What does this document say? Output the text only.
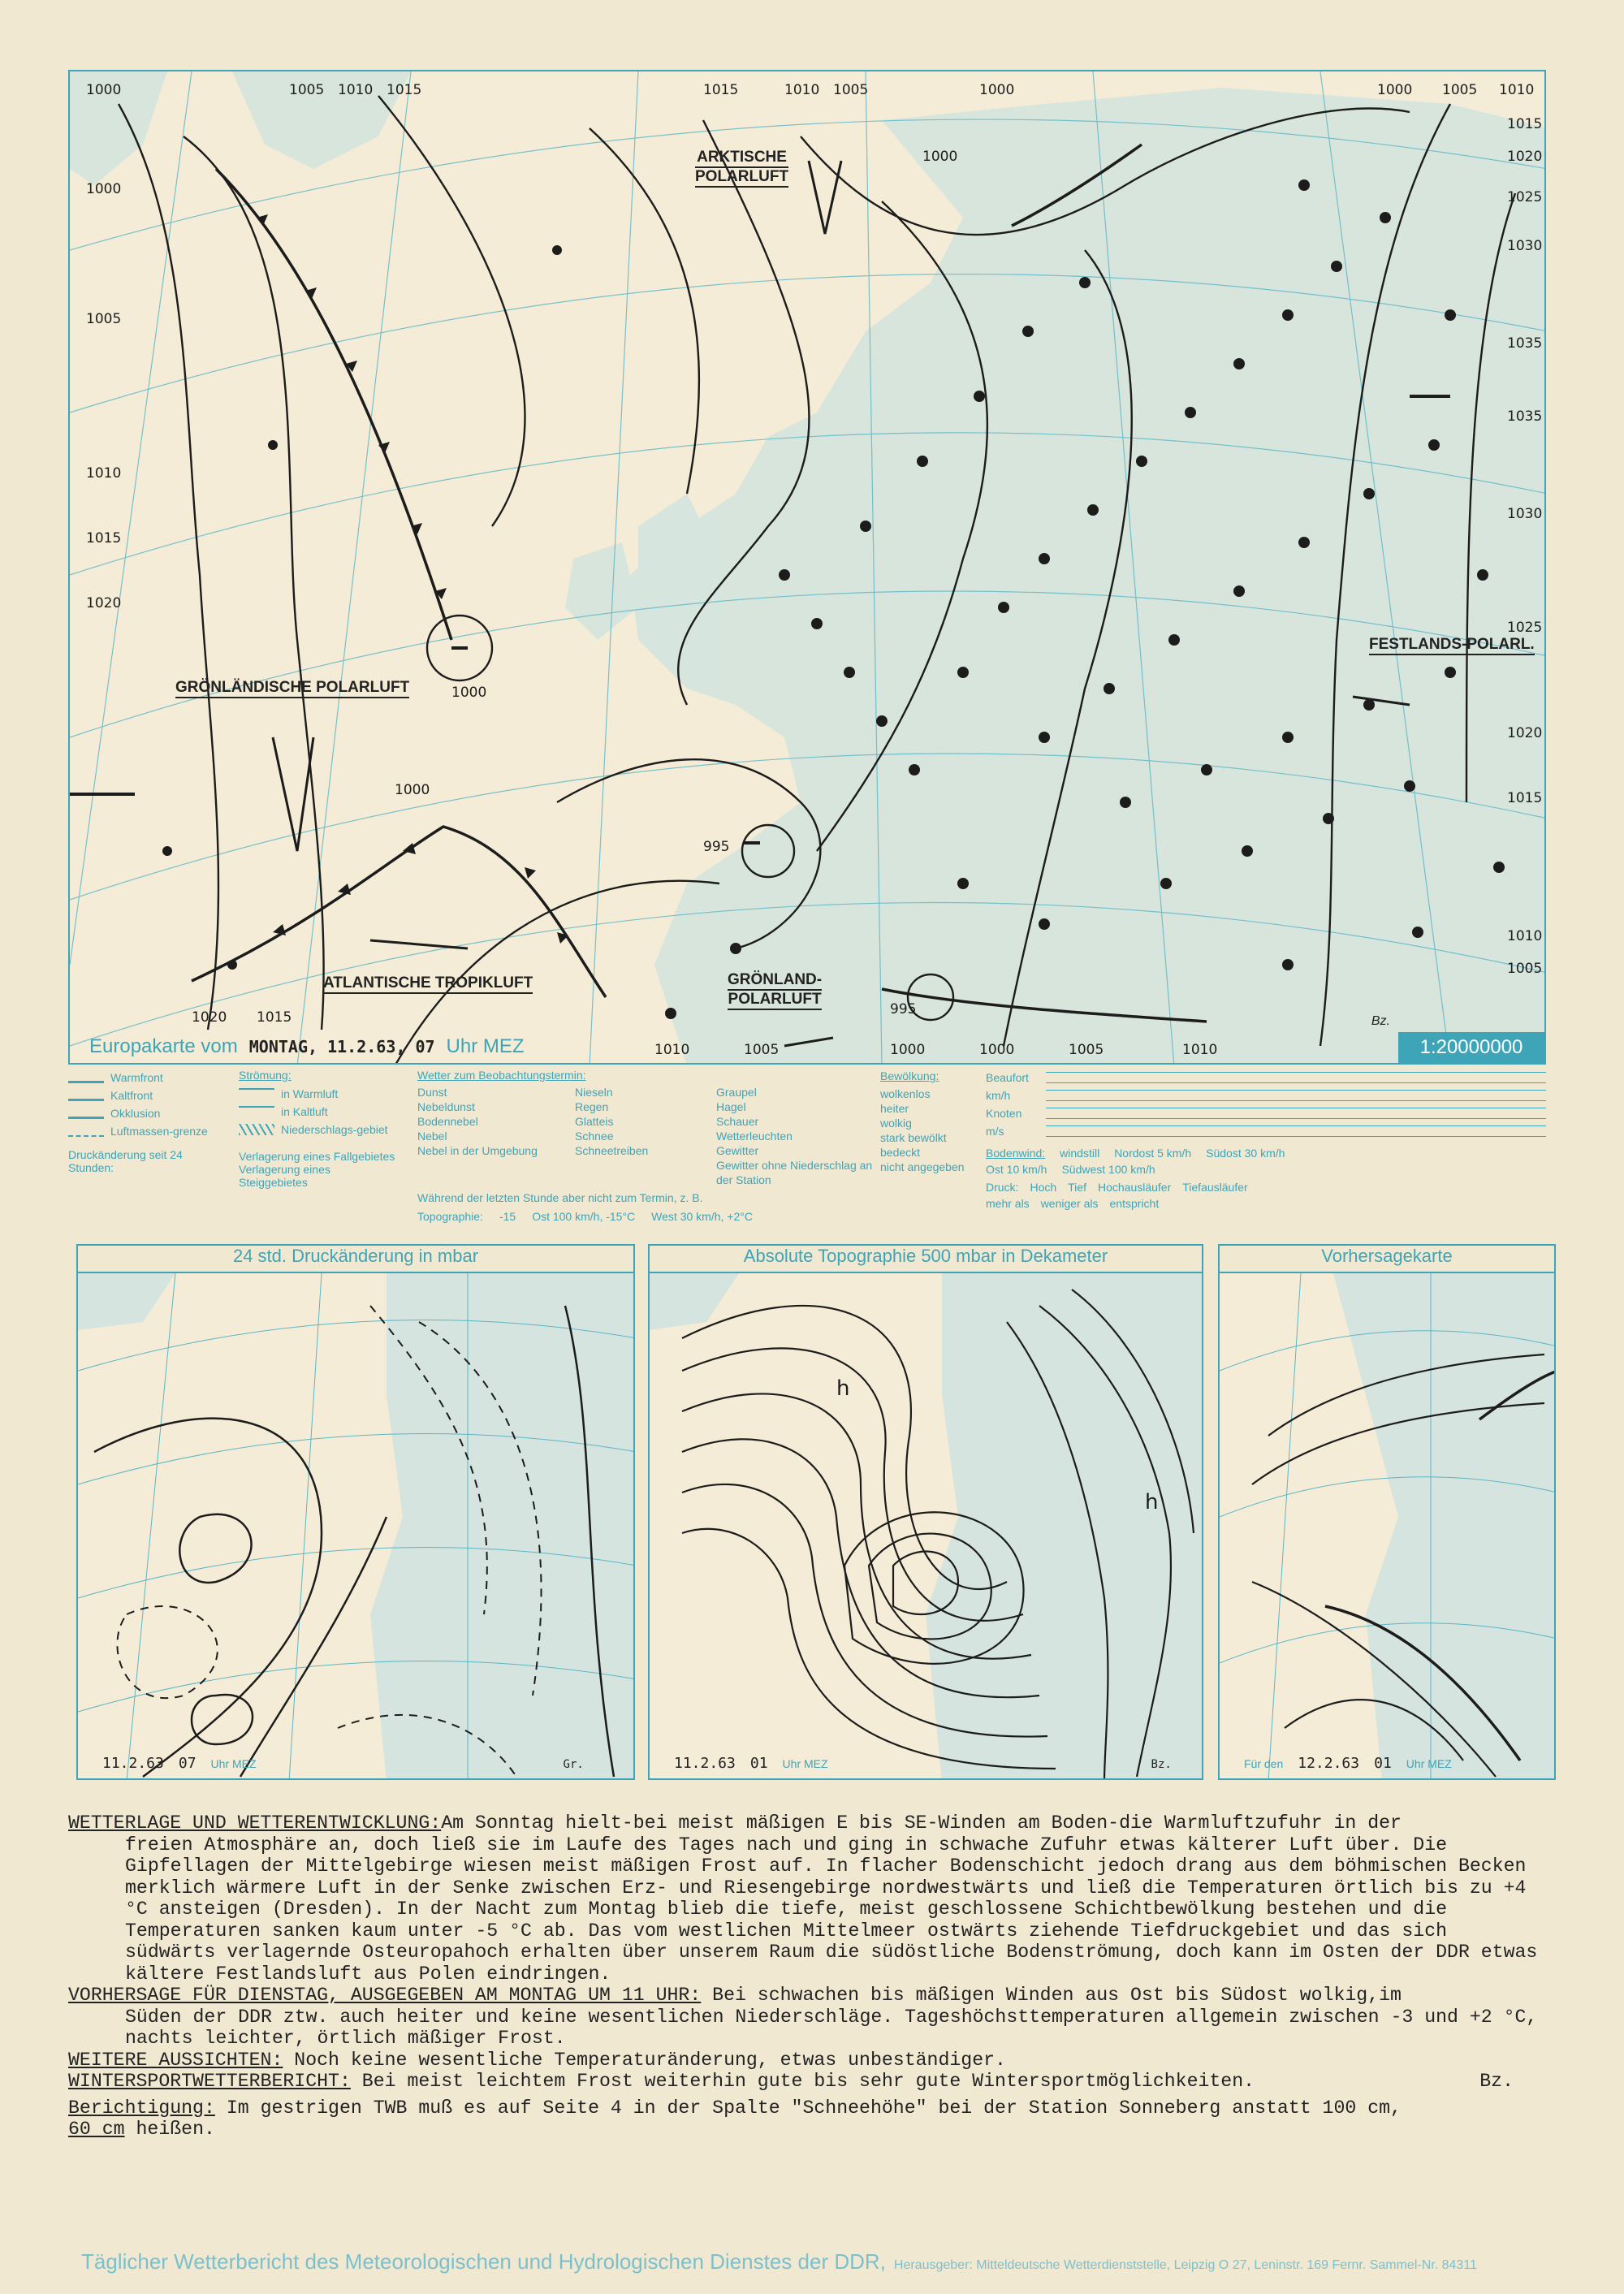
1000	1005 1010 1015	1015	1010 1005	1000	1000 1005 1010
1015
1020
1025
1030
1035
1035
1030
1025
1020
1015
1010
1005
1000
1005
1010
1015
1020
1000
1000
995
995
1000
1000	1005	1010
1015
1020
1000
1005
1010
ARKTISCHE
POLARLUFT
GRÖNLÄNDISCHE POLARLUFT
ATLANTISCHE TROPIKLUFT	GRÖNLAND-
POLARLUFT
FESTLANDS-POLARL.
Bz.
Europakarte vom MONTAG, 11.2.63, 07 Uhr MEZ	1:20000000
Warmfront
Kaltfront
Okklusion
Luftmassen-grenze
Druckänderung seit 24 Stunden:
Strömung:
in Warmluft
in Kaltluft
Niederschlags-gebiet
Verlagerung eines Fallgebietes
Verlagerung eines Steiggebietes
Wetter zum Beobachtungstermin:
Dunst
Nebeldunst
Bodennebel
Nebel
Nebel in der Umgebung
Nieseln
Regen
Glatteis
Schnee
Schneetreiben
Graupel
Hagel
Schauer
Wetterleuchten
Gewitter
Gewitter ohne Niederschlag an der Station
Während der letzten Stunde aber nicht zum Termin, z. B.
Topographie: -15 Ost 100 km/h, -15°C West 30 km/h, +2°C
Bewölkung:
wolkenlos
heiter
wolkig
stark bewölkt
bedeckt
nicht angegeben
Beaufort
km/h
Knoten
m/s
Bodenwind: windstill Nordost 5 km/h Südost 30 km/h
Ost 10 km/h Südwest 100 km/h
Druck: Hoch Tief Hochausläufer Tiefausläufer
mehr als weniger als entspricht
24 std. Druckänderung in mbar
11.2.63 07 Uhr MEZ	Gr.
Absolute Topographie 500 mbar in Dekameter
h
h
11.2.63 01 Uhr MEZ	Bz.
Vorhersagekarte
Für den 12.2.63 01 Uhr MEZ

WETTERLAGE UND WETTERENTWICKLUNG:Am Sonntag hielt-bei meist mäßigen E bis SE-Winden am Boden-die Warmluftzufuhr in der
freien Atmosphäre an, doch ließ sie im Laufe des Tages nach und ging in schwache Zufuhr etwas kälterer Luft über. Die Gipfellagen der Mittelgebirge wiesen meist mäßigen Frost auf. In flacher Bodenschicht jedoch drang aus dem böhmischen Becken merklich wärmere Luft in der Senke zwischen Erz- und Riesengebirge nordwestwärts und ließ die Temperaturen örtlich bis zu +4 °C ansteigen (Dresden). In der Nacht zum Montag blieb die tiefe, meist geschlossene Schichtbewölkung bestehen und die Temperaturen sanken kaum unter -5 °C ab. Das vom westlichen Mittelmeer ostwärts ziehende Tiefdruckgebiet und das sich südwärts verlagernde Osteuropahoch erhalten über unserem Raum die südöstliche Bodenströmung, doch kann im Osten der DDR etwas kältere Festlandsluft aus Polen eindringen.

VORHERSAGE FÜR DIENSTAG, AUSGEGEBEN AM MONTAG UM 11 UHR: Bei schwachen bis mäßigen Winden aus Ost bis Südost wolkig,im
Süden der DDR ztw. auch heiter und keine wesentlichen Niederschläge. Tageshöchsttemperaturen allgemein zwischen -3 und +2 °C, nachts leichter, örtlich mäßiger Frost.

WEITERE AUSSICHTEN: Noch keine wesentliche Temperaturänderung, etwas unbeständiger.

WINTERSPORTWETTERBERICHT: Bei meist leichtem Frost weiterhin gute bis sehr gute Wintersportmöglichkeiten.	Bz.

Berichtigung: Im gestrigen TWB muß es auf Seite 4 in der Spalte "Schneehöhe" bei der Station Sonneberg anstatt 100 cm,
60 cm heißen.

Täglicher Wetterbericht des Meteorologischen und Hydrologischen Dienstes der DDR, Herausgeber: Mitteldeutsche Wetterdienststelle, Leipzig O 27, Leninstr. 169 Fernr. Sammel-Nr. 84311
